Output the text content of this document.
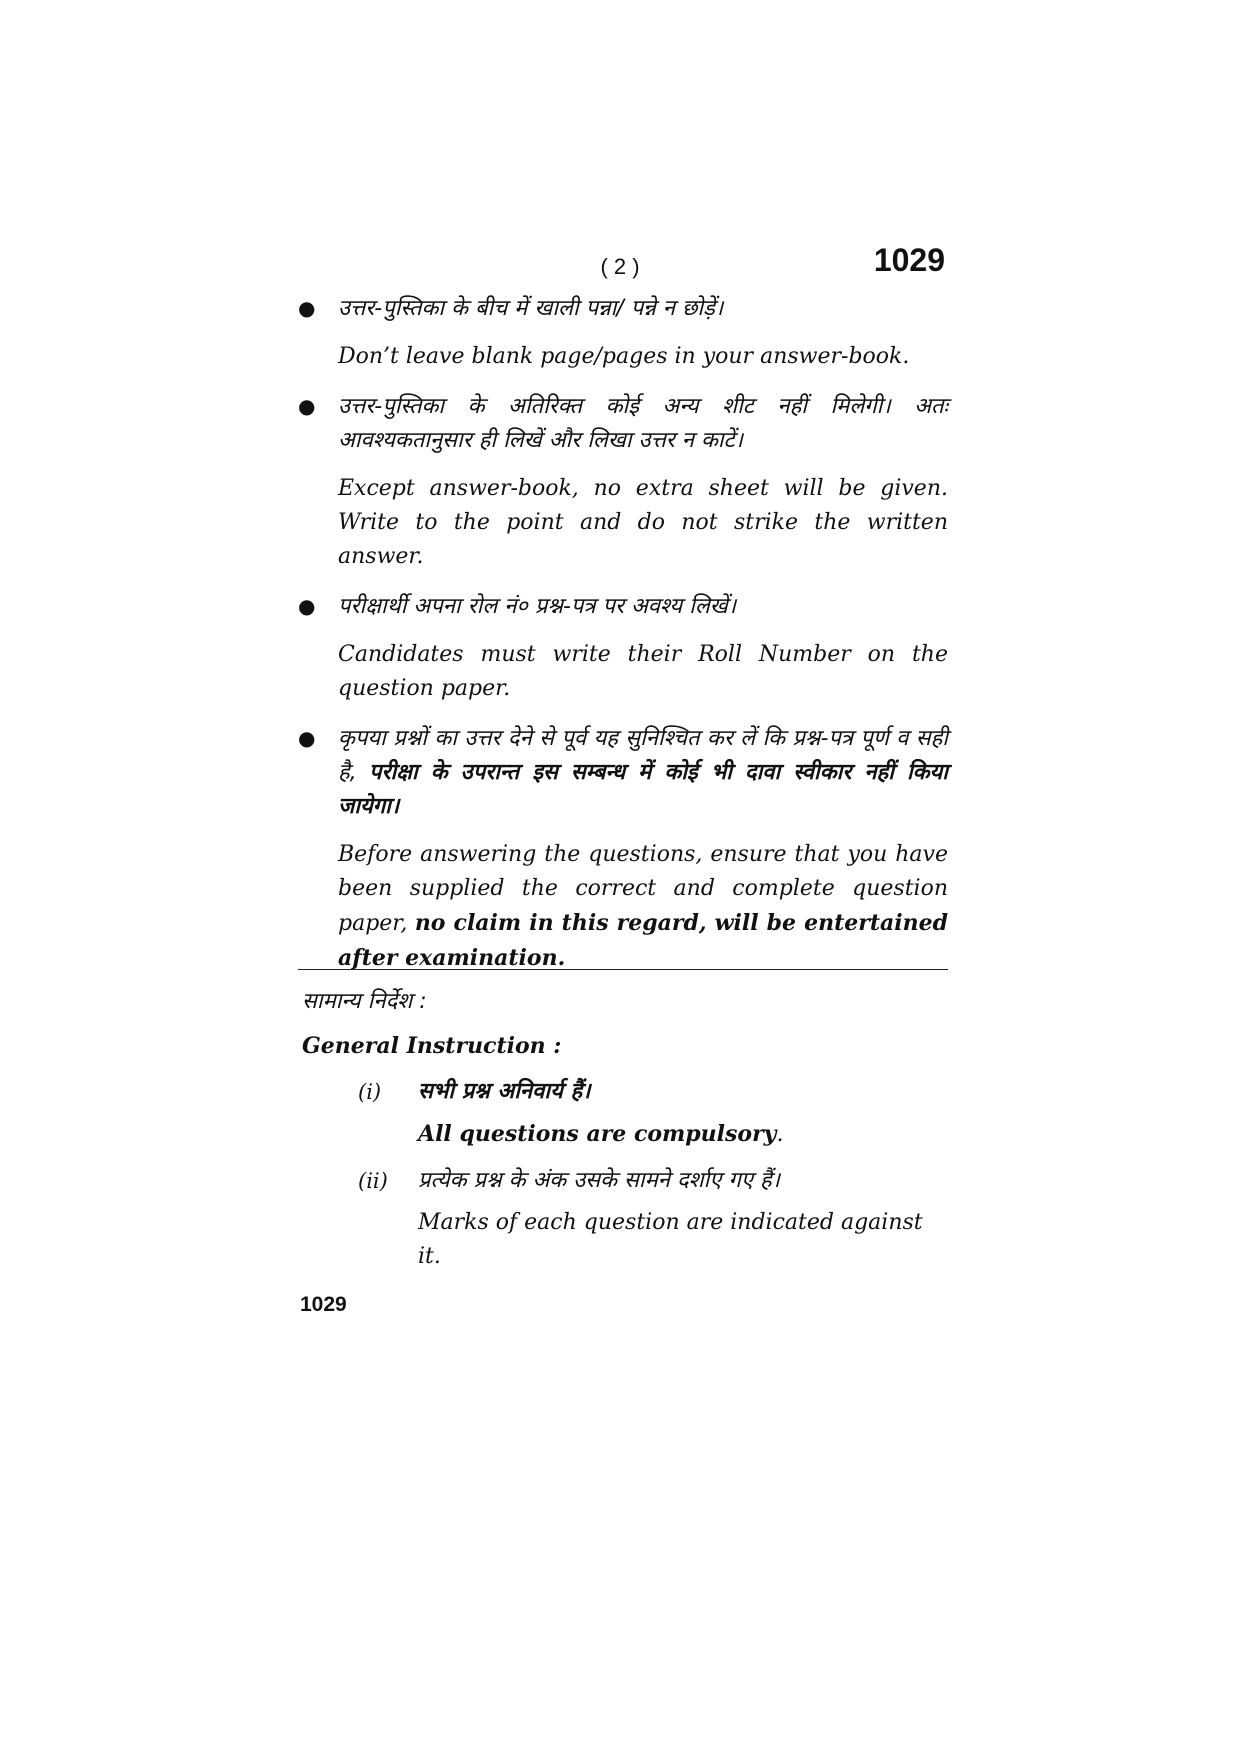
( 2 )	1029
● उत्तर-पुस्तिका के बीच में खाली पन्ना/ पन्ने न छोड़ें।
Don’t leave blank page/pages in your answer-book.
● उत्तर-पुस्तिका के अतिरिक्त कोई अन्य शीट नहीं मिलेगी। अतः आवश्यकतानुसार ही लिखें और लिखा उत्तर न काटें।
Except answer-book, no extra sheet will be given. Write to the point and do not strike the written answer.
● परीक्षार्थी अपना रोल नं० प्रश्न-पत्र पर अवश्य लिखें।
Candidates must write their Roll Number on the question paper.
● कृपया प्रश्नों का उत्तर देने से पूर्व यह सुनिश्चित कर लें कि प्रश्न-पत्र पूर्ण व सही है, परीक्षा के उपरान्त इस सम्बन्ध में कोई भी दावा स्वीकार नहीं किया जायेगा।
Before answering the questions, ensure that you have been supplied the correct and complete question paper, no claim in this regard, will be entertained after examination.
सामान्य निर्देश :
General Instruction :
(i) सभी प्रश्न अनिवार्य हैं।
All questions are compulsory.
(ii) प्रत्येक प्रश्न के अंक उसके सामने दर्शाए गए हैं।
Marks of each question are indicated against it.
1029
